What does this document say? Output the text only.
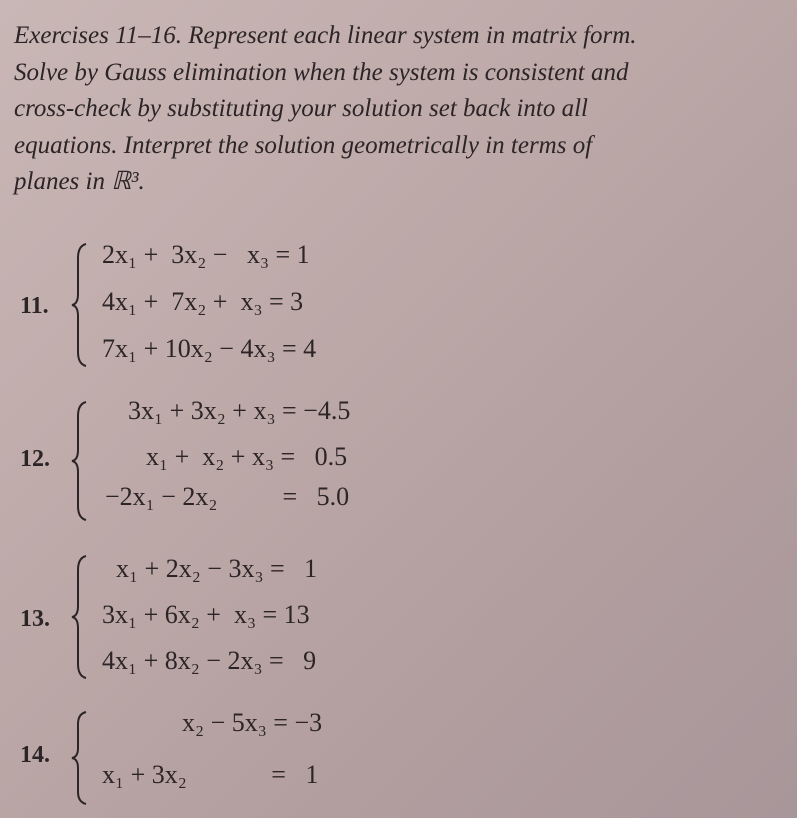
Exercises 11–16. Represent each linear system in matrix form.

Solve by Gauss elimination when the system is consistent and

cross-check by substituting your solution set back into all

equations. Interpret the solution geometrically in terms of

planes in ℝ³.

11.
2x₁ +  3x₂ −   x₃ = 1
4x₁ +  7x₂ +  x₃ = 3
7x₁ + 10x₂ − 4x₃ = 4
12.
3x₁ + 3x₂ + x₃ = −4.5
x₁ +  x₂ + x₃ =   0.5
−2x₁ − 2x₂          =   5.0
13.
x₁ + 2x₂ − 3x₃ =   1
3x₁ + 6x₂ +  x₃ = 13
4x₁ + 8x₂ − 2x₃ =   9
14.
x₂ − 5x₃ = −3
x₁ + 3x₂             =   1
